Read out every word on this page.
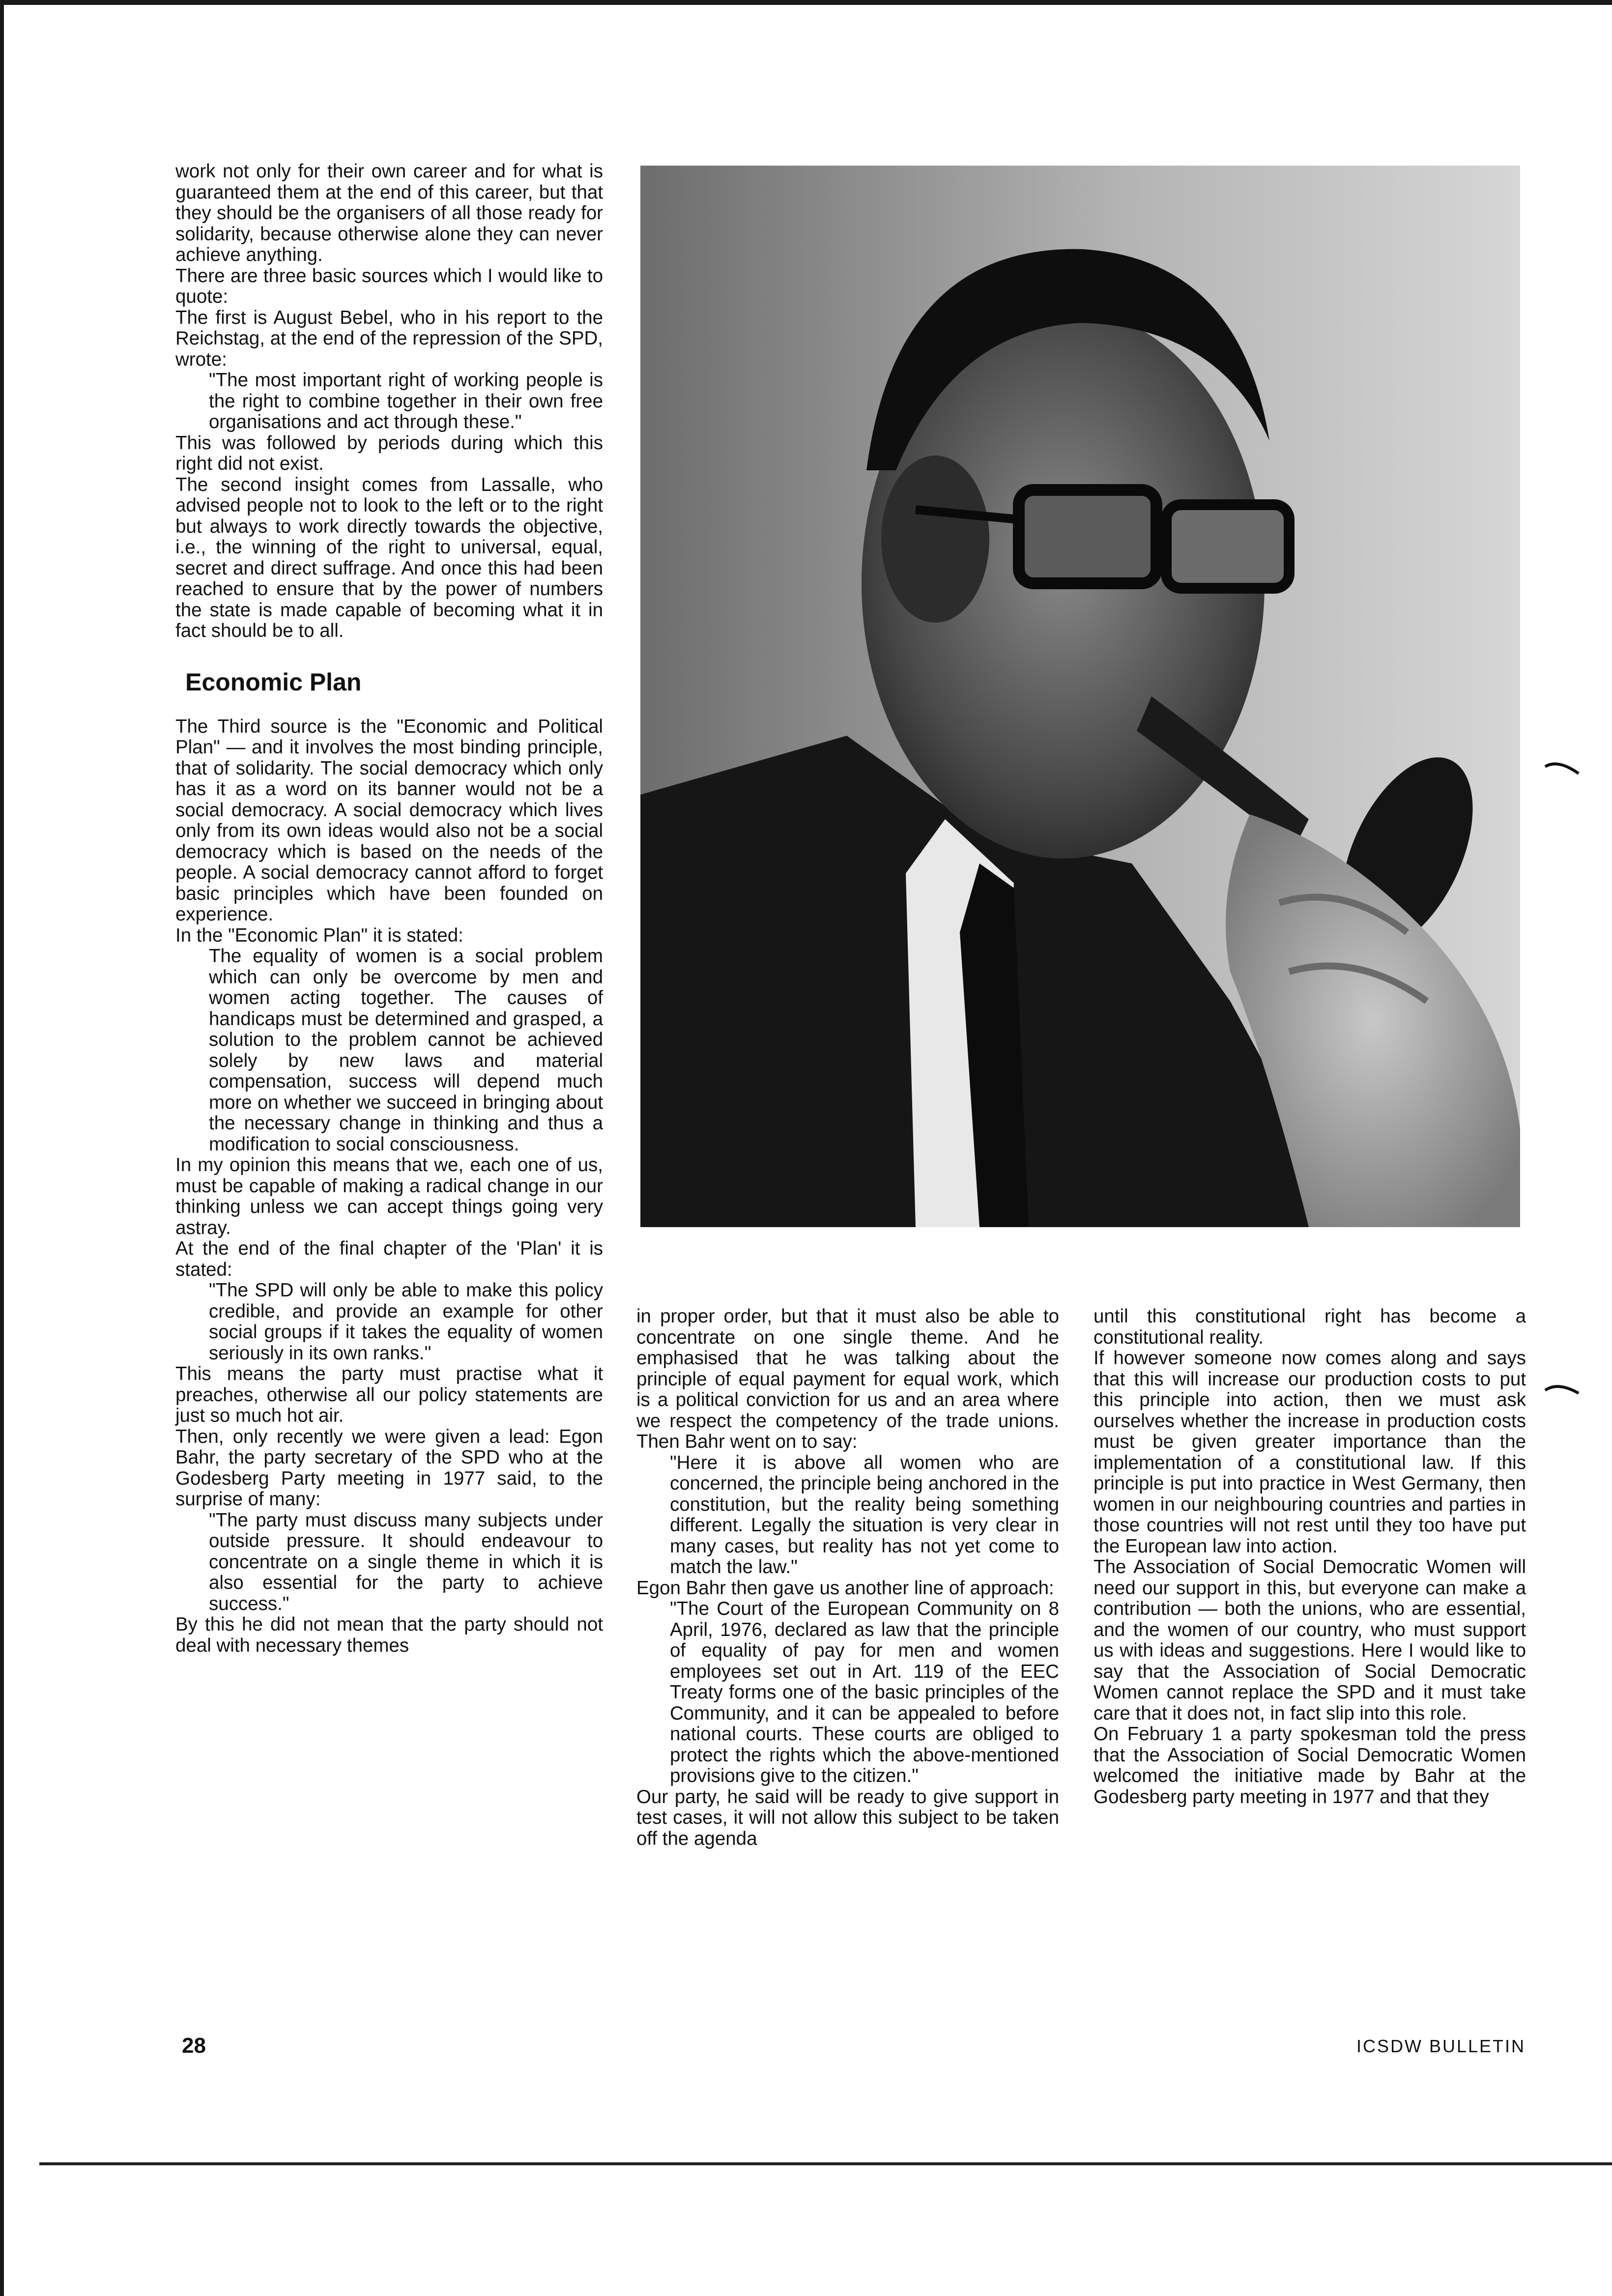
work not only for their own career and for what is guaranteed them at the end of this career, but that they should be the organisers of all those ready for solidarity, because otherwise alone they can never achieve anything.

There are three basic sources which I would like to quote:

The first is August Bebel, who in his report to the Reichstag, at the end of the repression of the SPD, wrote:

"The most important right of working people is the right to combine together in their own free organisations and act through these."

This was followed by periods during which this right did not exist.

The second insight comes from Lassalle, who advised people not to look to the left or to the right but always to work directly towards the objective, i.e., the winning of the right to universal, equal, secret and direct suffrage. And once this had been reached to ensure that by the power of numbers the state is made capable of becoming what it in fact should be to all.

Economic Plan

The Third source is the "Economic and Political Plan" — and it involves the most binding principle, that of solidarity. The social democracy which only has it as a word on its banner would not be a social democracy. A social democracy which lives only from its own ideas would also not be a social democracy which is based on the needs of the people. A social democracy cannot afford to forget basic principles which have been founded on experience.

In the "Economic Plan" it is stated:

The equality of women is a social problem which can only be overcome by men and women acting together. The causes of handicaps must be determined and grasped, a solution to the problem cannot be achieved solely by new laws and material compensation, success will depend much more on whether we succeed in bringing about the necessary change in thinking and thus a modification to social consciousness.

In my opinion this means that we, each one of us, must be capable of making a radical change in our thinking unless we can accept things going very astray.

At the end of the final chapter of the 'Plan' it is stated:

"The SPD will only be able to make this policy credible, and provide an example for other social groups if it takes the equality of women seriously in its own ranks."

This means the party must practise what it preaches, otherwise all our policy statements are just so much hot air.

Then, only recently we were given a lead: Egon Bahr, the party secretary of the SPD who at the Godesberg Party meeting in 1977 said, to the surprise of many:

"The party must discuss many subjects under outside pressure. It should endeavour to concentrate on a single theme in which it is also essential for the party to achieve success."

By this he did not mean that the party should not deal with necessary themes

in proper order, but that it must also be able to concentrate on one single theme. And he emphasised that he was talking about the principle of equal payment for equal work, which is a political conviction for us and an area where we respect the competency of the trade unions. Then Bahr went on to say:

"Here it is above all women who are concerned, the principle being anchored in the constitution, but the reality being something different. Legally the situation is very clear in many cases, but reality has not yet come to match the law."

Egon Bahr then gave us another line of approach:

"The Court of the European Community on 8 April, 1976, declared as law that the principle of equality of pay for men and women employees set out in Art. 119 of the EEC Treaty forms one of the basic principles of the Community, and it can be appealed to before national courts. These courts are obliged to protect the rights which the above-mentioned provisions give to the citizen."

Our party, he said will be ready to give support in test cases, it will not allow this subject to be taken off the agenda

until this constitutional right has become a constitutional reality.

If however someone now comes along and says that this will increase our production costs to put this principle into action, then we must ask ourselves whether the increase in production costs must be given greater importance than the implementation of a constitutional law. If this principle is put into practice in West Germany, then women in our neighbouring countries and parties in those countries will not rest until they too have put the European law into action.

The Association of Social Democratic Women will need our support in this, but everyone can make a contribution — both the unions, who are essential, and the women of our country, who must support us with ideas and suggestions. Here I would like to say that the Association of Social Democratic Women cannot replace the SPD and it must take care that it does not, in fact slip into this role.

On February 1 a party spokesman told the press that the Association of Social Democratic Women welcomed the initiative made by Bahr at the Godesberg party meeting in 1977 and that they

28	ICSDW BULLETIN
